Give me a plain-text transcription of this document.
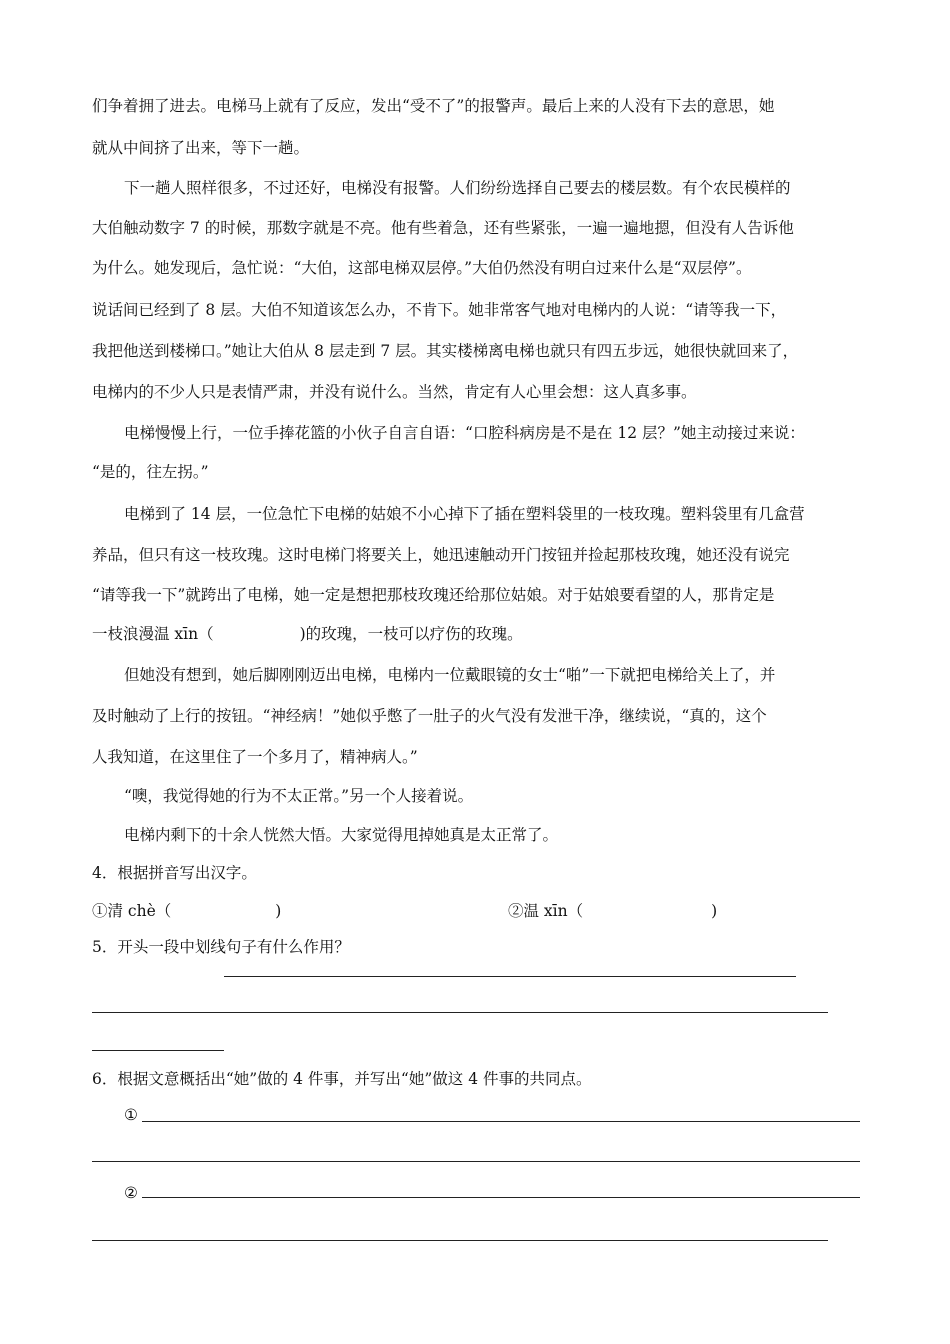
们争着拥了进去。电梯马上就有了反应，发出“受不了”的报警声。最后上来的人没有下去的意思，她
就从中间挤了出来，等下一趟。
下一趟人照样很多，不过还好，电梯没有报警。人们纷纷选择自己要去的楼层数。有个农民模样的
大伯触动数字 7 的时候，那数字就是不亮。他有些着急，还有些紧张，一遍一遍地摁，但没有人告诉他
为什么。她发现后，急忙说：“大伯，这部电梯双层停。”大伯仍然没有明白过来什么是“双层停”。
说话间已经到了 8 层。大伯不知道该怎么办，不肯下。她非常客气地对电梯内的人说：“请等我一下，
我把他送到楼梯口。”她让大伯从 8 层走到 7 层。其实楼梯离电梯也就只有四五步远，她很快就回来了，
电梯内的不少人只是表情严肃，并没有说什么。当然，肯定有人心里会想：这人真多事。
电梯慢慢上行，一位手捧花篮的小伙子自言自语：“口腔科病房是不是在 12 层？”她主动接过来说：
“是的，往左拐。”
电梯到了 14 层，一位急忙下电梯的姑娘不小心掉下了插在塑料袋里的一枝玫瑰。塑料袋里有几盒营
养品，但只有这一枝玫瑰。这时电梯门将要关上，她迅速触动开门按钮并捡起那枝玫瑰，她还没有说完
“请等我一下”就跨出了电梯，她一定是想把那枝玫瑰还给那位姑娘。对于姑娘要看望的人，那肯定是
一枝浪漫温 xīn（	)的玫瑰，一枝可以疗伤的玫瑰。
但她没有想到，她后脚刚刚迈出电梯，电梯内一位戴眼镜的女士“啪”一下就把电梯给关上了，并
及时触动了上行的按钮。“神经病！”她似乎憋了一肚子的火气没有发泄干净，继续说，“真的，这个
人我知道，在这里住了一个多月了，精神病人。”
“噢，我觉得她的行为不太正常。”另一个人接着说。
电梯内剩下的十余人恍然大悟。大家觉得甩掉她真是太正常了。
4．根据拼音写出汉字。
①清 chè（	)	②温 xīn（	)
5．开头一段中划线句子有什么作用？
6．根据文意概括出“她”做的 4 件事，并写出“她”做这 4 件事的共同点。
①
②
